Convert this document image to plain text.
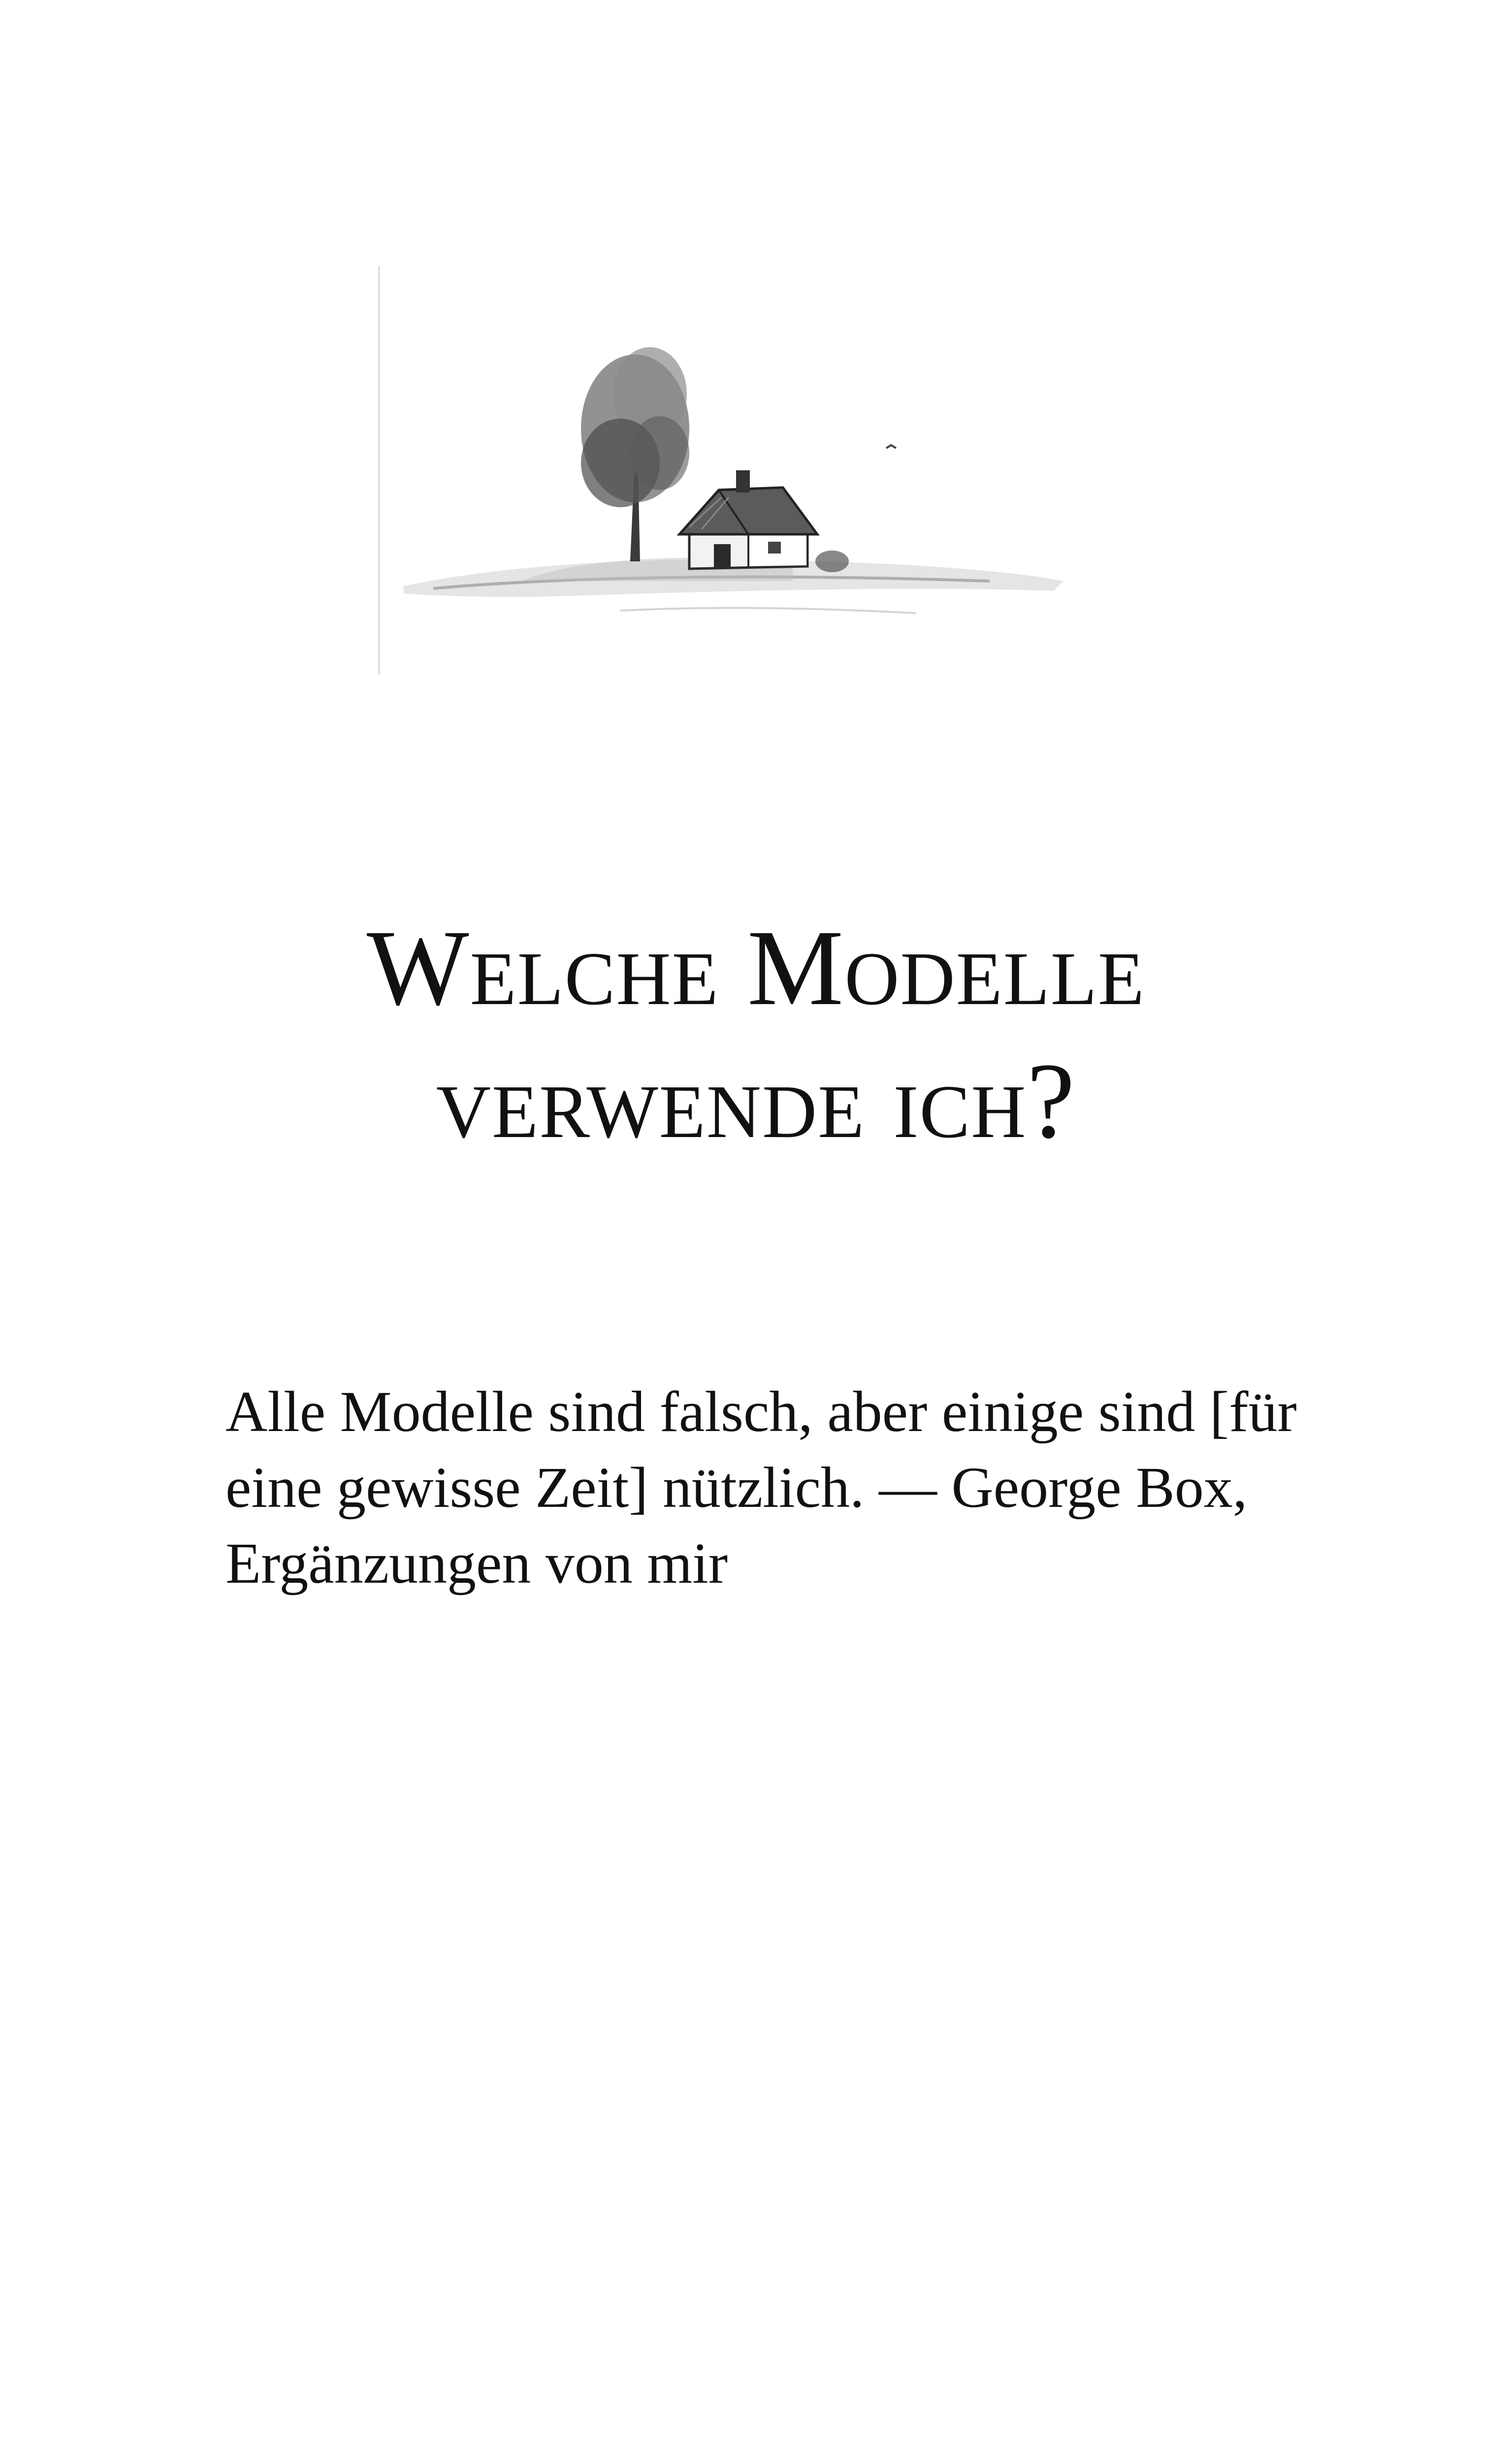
Welche Modelle
verwende ich?

Alle Modelle sind falsch, aber einige sind [für eine gewisse Zeit] nützlich. — George Box, Ergänzungen von mir
